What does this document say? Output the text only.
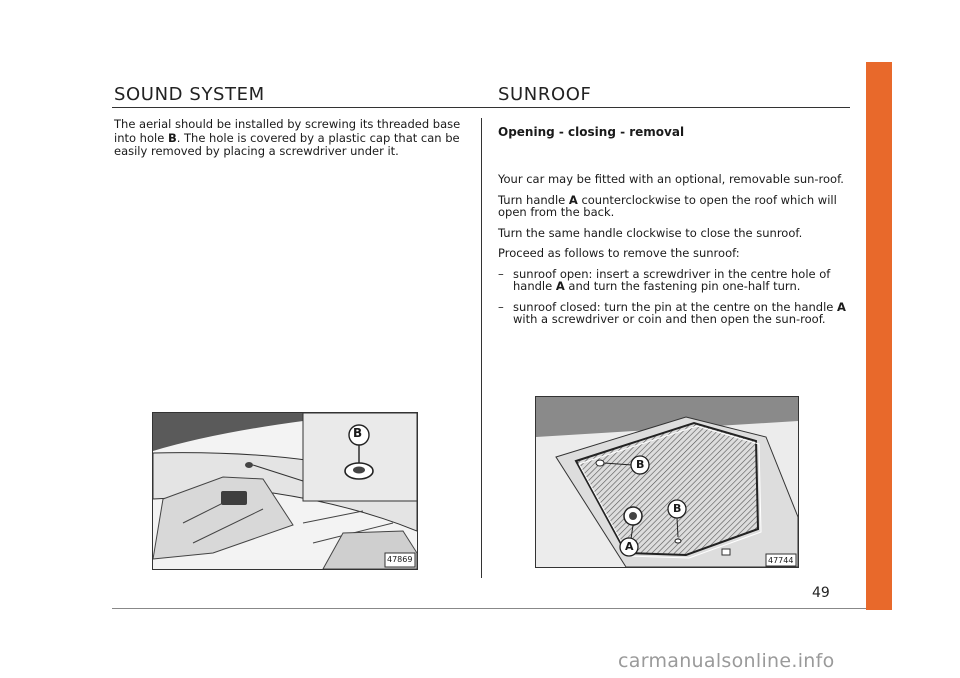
SOUND SYSTEM	SUNROOF

The aerial should be installed by screwing its threaded base into hole B. The hole is covered by a plastic cap that can be easily removed by placing a screwdriver under it.

B
47869
Opening - closing - removal

Your car may be fitted with an optional, removable sun-roof.

Turn handle A counterclockwise to open the roof which will open from the back.

Turn the same handle clockwise to close the sunroof.

Proceed as follows to remove the sunroof:

– sunroof open: insert a screwdriver in the centre hole of handle A and turn the fastening pin one-half turn.
– sunroof closed: turn the pin at the centre on the handle A with a screwdriver or coin and then open the sun-roof.
B
B
A
47744

49

carmanualsonline.info
